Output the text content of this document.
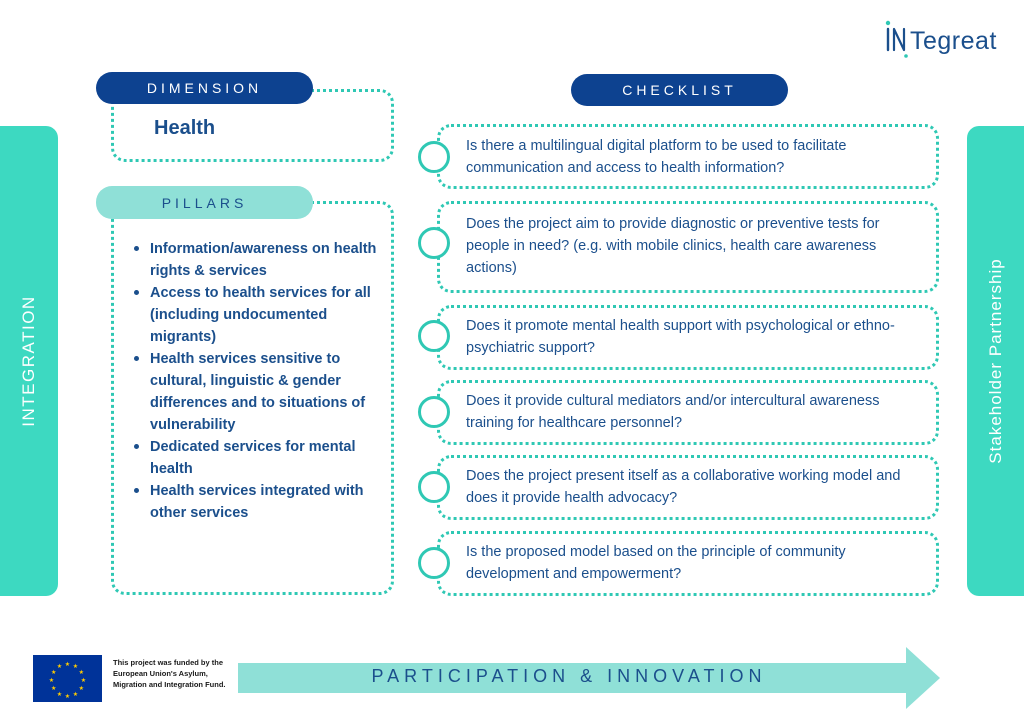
Tegreat
INTEGRATION	Stakeholder Partnership
DIMENSION
Health
PILLARS
Information/awareness on health rights & services
Access to health services for all (including undocumented migrants)
Health services sensitive to cultural, linguistic & gender differences and to situations of vulnerability
Dedicated services for mental health
Health services integrated with other services
CHECKLIST
Is there a multilingual digital platform to be used to facilitate communication and access to health information?
Does the project aim to provide diagnostic or preventive tests for people in need? (e.g. with mobile clinics, health care awareness actions)
Does it promote mental health support with psychological or ethno-psychiatric support?
Does it provide cultural mediators and/or intercultural awareness training for healthcare personnel?
Does the project present itself as a collaborative working model and does it provide health advocacy?
Is the proposed model based on the principle of community development and empowerment?
PARTICIPATION & INNOVATION
★ ★
★
★
★
★
★
★
★
★
★
★	This project was funded by the European Union's Asylum, Migration and Integration Fund.
